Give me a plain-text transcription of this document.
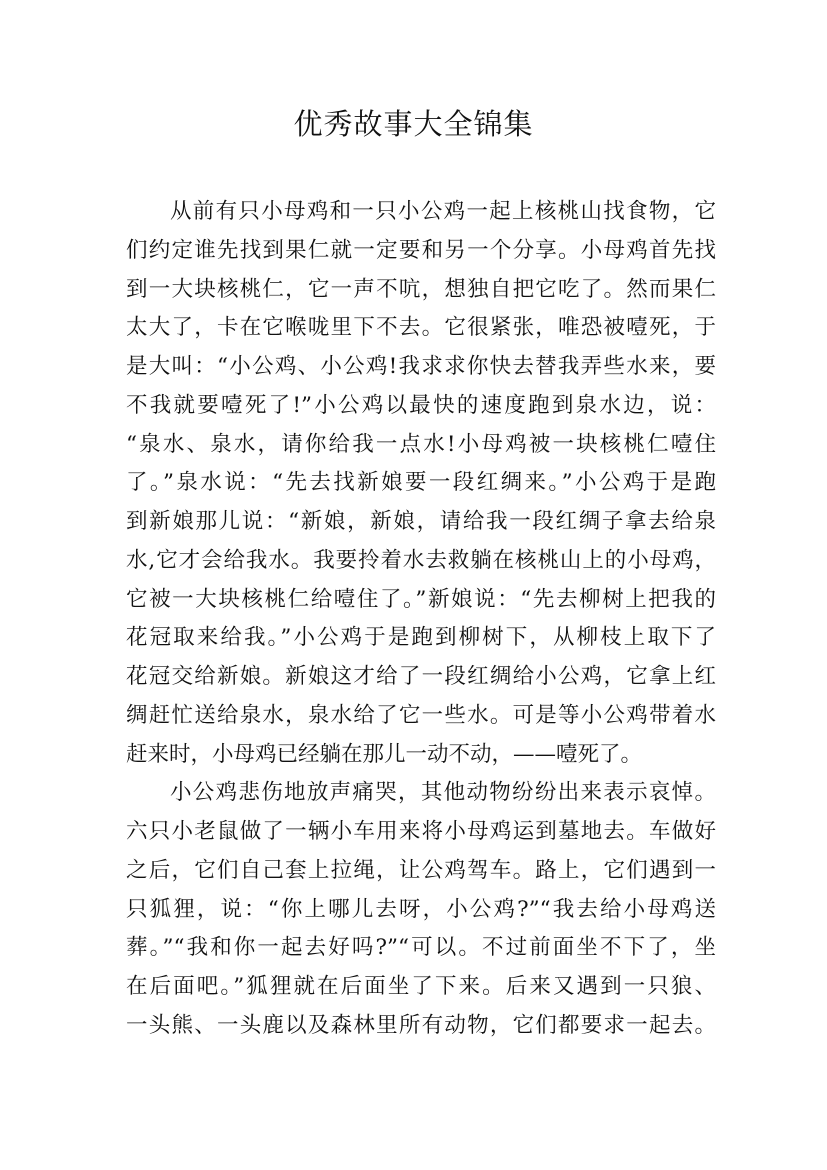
优秀故事大全锦集
从前有只小母鸡和一只小公鸡一起上核桃山找食物，它
们约定谁先找到果仁就一定要和另一个分享。小母鸡首先找
到一大块核桃仁，它一声不吭，想独自把它吃了。然而果仁
太大了，卡在它喉咙里下不去。它很紧张，唯恐被噎死，于
是大叫：“小公鸡、小公鸡!我求求你快去替我弄些水来，要
不我就要噎死了!”小公鸡以最快的速度跑到泉水边，说：
“泉水、泉水，请你给我一点水!小母鸡被一块核桃仁噎住
了。”泉水说：“先去找新娘要一段红绸来。”小公鸡于是跑
到新娘那儿说：“新娘，新娘，请给我一段红绸子拿去给泉
水,它才会给我水。我要拎着水去救躺在核桃山上的小母鸡，
它被一大块核桃仁给噎住了。”新娘说：“先去柳树上把我的
花冠取来给我。”小公鸡于是跑到柳树下，从柳枝上取下了
花冠交给新娘。新娘这才给了一段红绸给小公鸡，它拿上红
绸赶忙送给泉水，泉水给了它一些水。可是等小公鸡带着水
赶来时，小母鸡已经躺在那儿一动不动，——噎死了。
小公鸡悲伤地放声痛哭，其他动物纷纷出来表示哀悼。
六只小老鼠做了一辆小车用来将小母鸡运到墓地去。车做好
之后，它们自己套上拉绳，让公鸡驾车。路上，它们遇到一
只狐狸，说：“你上哪儿去呀，小公鸡?”“我去给小母鸡送
葬。”“我和你一起去好吗?”“可以。不过前面坐不下了，坐
在后面吧。”狐狸就在后面坐了下来。后来又遇到一只狼、
一头熊、一头鹿以及森林里所有动物，它们都要求一起去。
